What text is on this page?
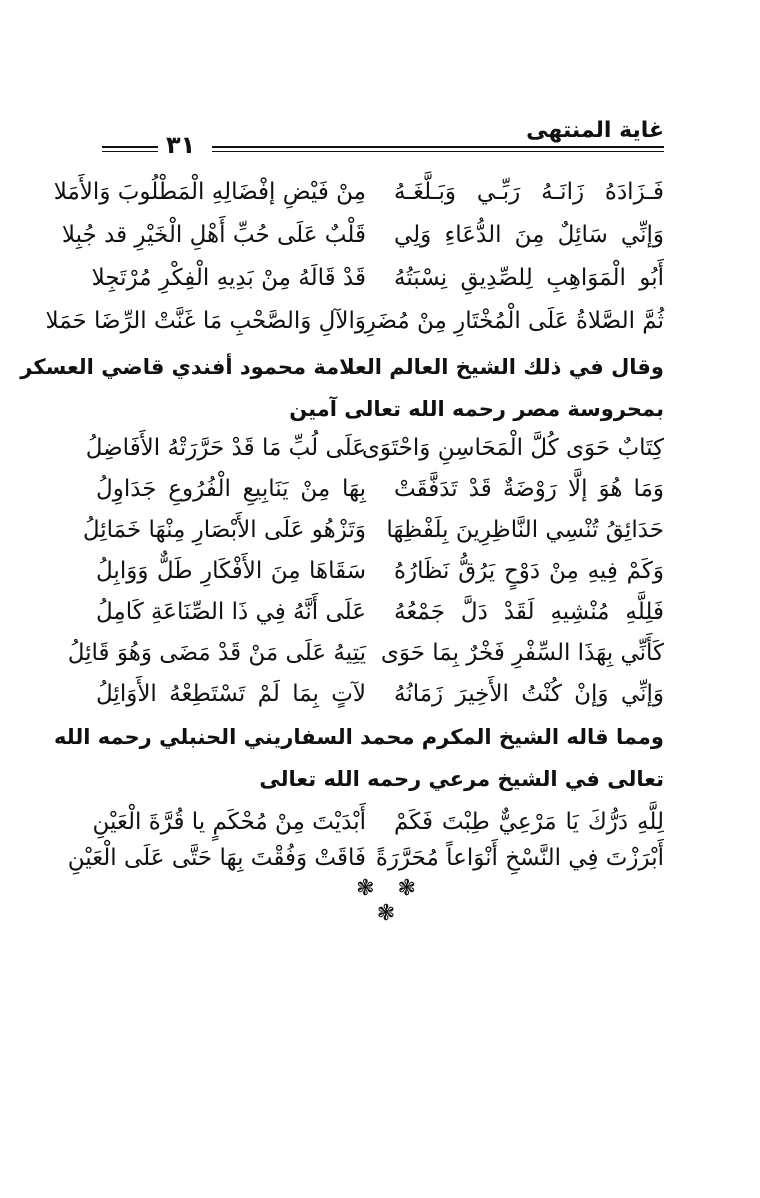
غاية المنتهى
٣١
فَـزَادَهُ زَانَـهُ رَبِّـي وَبَـلَّغَـهُ
مِنْ فَيْضِ إفْضَالِهِ الْمَطْلُوبَ وَالأَمَلا
وَإنِّي سَائِلٌ مِنَ الدُّعَاءِ وَلِي
قَلْبٌ عَلَى حُبِّ أَهْلِ الْخَيْرِ قد جُبِلا
أَبُو الْمَوَاهِبِ لِلصِّدِيقِ نِسْبَتُهُ
قَدْ قَالَهُ مِنْ بَدِيهِ الْفِكْرِ مُرْتَجِلا
ثُمَّ الصَّلاةُ عَلَى الْمُخْتَارِ مِنْ مُضَرِ
وَالآلِ وَالصَّحْبِ مَا غَنَّتْ الرِّضَا حَمَلا
وقال في ذلك الشيخ العالم العلامة محمود أفندي قاضي العسكر
بمحروسة مصر رحمه الله تعالى آمين
كِتَابٌ حَوَى كُلَّ الْمَحَاسِنِ وَاحْتَوَى
عَلَى لُبِّ مَا قَدْ حَرَّرَتْهُ الأَفَاضِلُ
وَمَا هُوَ إلَّا رَوْضَةٌ قَدْ تَدَفَّقَتْ
بِهَا مِنْ يَنَابِيعِ الْفُرُوعِ جَدَاوِلُ
حَدَائِقُ تُنْسِي النَّاظِرِينَ بِلَفْظِهَا
وَتَزْهُو عَلَى الأَبْصَارِ مِنْهَا خَمَائِلُ
وَكَمْ فِيهِ مِنْ دَوْحٍ يَرُقُّ نَظَارُهُ
سَقَاهَا مِنَ الأَفْكَارِ طَلٌّ وَوَابِلُ
فَلِلَّهِ مُنْشِيهِ لَقَدْ دَلَّ جَمْعُهُ
عَلَى أَنَّهُ فِي ذَا الصِّنَاعَةِ كَامِلُ
كَأَنِّي بِهَذَا السِّفْرِ فَخْرٌ بِمَا حَوَى
يَتِيهُ عَلَى مَنْ قَدْ مَضَى وَهُوَ قَائِلُ
وَإنِّي وَإنْ كُنْتُ الأَخِيرَ زَمَانُهُ
لآتٍ بِمَا لَمْ تَسْتَطِعْهُ الأَوَائِلُ
ومما قاله الشيخ المكرم محمد السفاريني الحنبلي رحمه الله
تعالى في الشيخ مرعي رحمه الله تعالى
لِلَّهِ دَرُّكَ يَا مَرْعِيٌّ طِبْتَ فَكَمْ
أَبْدَيْتَ مِنْ مُحْكَمٍ يا قُرَّةَ الْعَيْنِ
أَبْرَزْتَ فِي النَّسْخِ أَنْوَاعاً مُحَرَّرَةً
فَاقَتْ وَفُقْتَ بِهَا حَتَّى عَلَى الْعَيْنِ
❃ ❃ ❃
